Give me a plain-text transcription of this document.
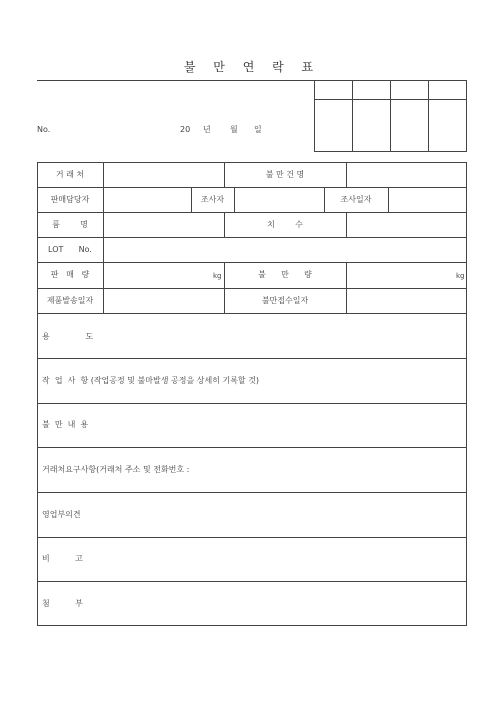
불 만 연 락 표
No.	20 년 월 일
거 래 처	불 만 건 명
판매담당자	조사자	조사일자
품        명	치        수
LOT      No.
판   매   량	kg	불      만      량	kg
제품발송일자	불만접수일자
용              도
작  업  사  항 (작업공정 및 불마발생 공정을 상세히 기록할 것)
불  만  내  용
거래처요구사항(거래처 주소 및 전화번호 :
영업부의견
비          고
첨          부
